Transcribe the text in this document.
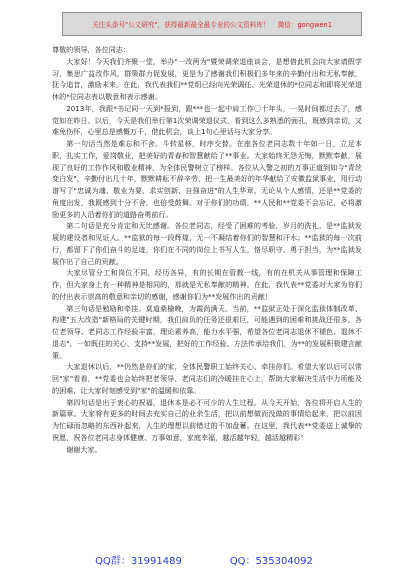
关注头条号"公文研究"，获得最新最全最专业的公文资料库！
微信：gongwen1

尊敬的领导，各位同志：

大家好！今天我们齐聚一堂，举办"一改两为"暨荣调荣退座谈会，是想借此机会向大家请假学习，集思广益改作风，群策群力促发展，更是为了感谢我们积极们多年来的辛勤付出和无私奉献，抚今追昔，激励未来。在此，我代表我们**党组已经向光荣调任、光荣退休的*位同志和即将光荣退休的*位同志表以敬意和表示感谢。

2013年，我跟*书记同一天到*报到，跟***也一起中肩工作〇十年头，一晃时间都过去了，感觉如在昨日。以后，今天是我们举行第1次荣调荣退仪式，看到这么多熟悉的面孔，既感到亲切，又难免伤怀，心里总是感慨万千，借此机会，谈上1句心里话与大家分享。

第一句话当然是难忘和不舍。斗转星移，时序交替。在座各位老同志数十年如一日，立足本职，扎实工作，爱岗敬业，把美好的青春和智慧献给了**事业。大家始终无怨无悔，默默奉献，展现了良好的工作作风和敬业精神，为全体民警树立了榜样。各位从入警之初的万事正道到如今"青丝变白发"，辛勤付出几十年，默默耕耘不辞辛劳，把一生最美好的年华献给了安徽监狱事业，用行动谱写了"忠诚为魂、敬业为要、求实创新、自强奋进"的人生华章。无论从个人感情，还是**党委的角度出发，我既感到十分不舍，也倍受鼓舞。对于你们的功绩，**人民和**党委不会忘记，必将激励更多的人沿着你们的道路奋勇前行。

第二句话是充分肯定和无比感谢。各位老同志，经受了困难的考验，岁月的洗礼，是**监狱发展的建设者和见证人。**监狱的每一段辉煌，无一不凝结着你们的智慧和汗水；**监狱的每一次前行，都留下了你们奋斗的足迹，你们在不同的岗位上书写人生，恪尽职守、勇于担当，为**监狱发展作出了自己的贡献。

大家尽管分工和岗位不同，经历各异，有的长期在管教一线，有的在机关从事管理和保障工作，但大家身上有一种精神是相同的，那就是无私奉献的精神。在此，我代表**党委对大家为你们的付出表示崇高的敬意和亲切的感谢，感谢你们为**发展作出的贡献！

第三句话是勉励和牵挂。莫道桑榆晚，为霞尚满天。当前，**监狱正处于深化监狱体制改革、构建"五大改造"新格局的关键时期，我们肩负的任务还很艰巨，可能遇到的困难和挑战还很多。各位老领导、老同志工作经验丰富，理论素养高，能力水平强，希望各位老同志退休不褪色、退休不退志"，一如既往的关心、支持**发展，把好的工作经验、方法传承给我们，为**的发展积极建言献策。

大家退休以后，**仍然是你们的家，全体民警职工始终关心、牵挂你们。希望大家以后可以常回"家"看看，**党委也会始终把老领导、老同志们的冷暖挂在心上，帮助大家解决生活中力所能及的困难，让大家时刻感受到"家"的温暖和依靠。

第四句话是出于衷心的祝福，退休本是必不可少的人生过程。从今天开始，各位将开启人生的新篇章。大家将有更多的时间去充实自己的业余生活，把以前想做而没做的事情给起来，把以前因为忙碌而忽略的东西补起来，人生的理想以前错过的不加盘蓄。在这里，我代表**党委送上诚挚的祝愿，祝各位老同志身体健康、万事如意，家庭幸福，越活越年轻，越活越精彩！

谢谢大家。

QQ群：31991489	QQ：535304092
